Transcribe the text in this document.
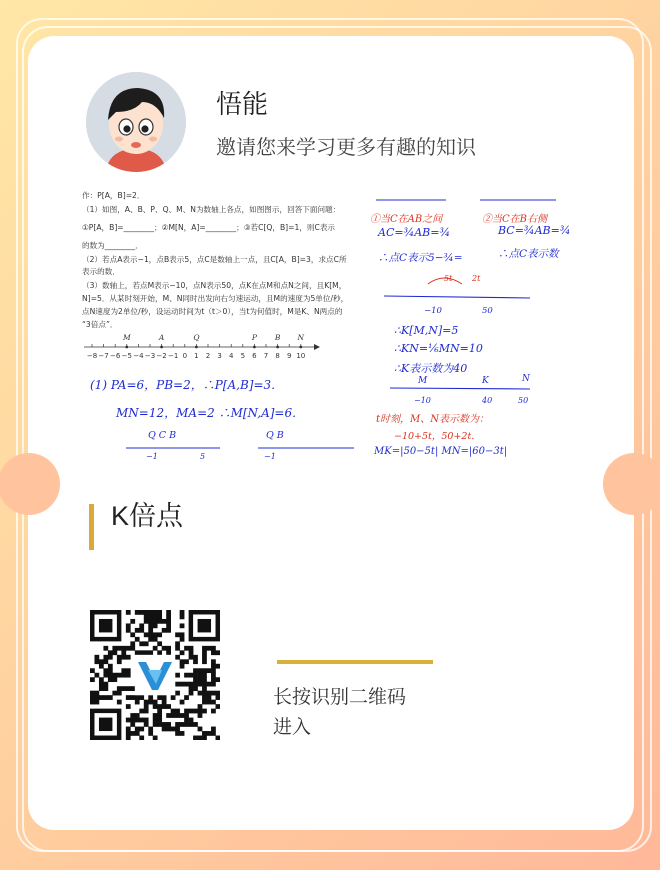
悟能
邀请您来学习更多有趣的知识
作：P[A，B]=2．
（1）如图，A、B、P、Q、M、N为数轴上各点，如图图示，回答下面问题：
①P[A，B]=________；②M[N，A]=________；③若C[Q，B]=1，则C表示
的数为________．
（2）若点A表示−1，点B表示5，点C是数轴上一点，且C[A，B]=3，求点C所
表示的数．
（3）数轴上，若点M表示−10，点N表示50，点K在点M和点N之间，且K[M，
N]=5．从某时刻开始，M、N同时出发向右匀速运动，且M的速度为5单位/秒，
点N速度为2单位/秒，设运动时间为t（t＞0），当t为何值时，M是K、N两点的
“3倍点”．
−8 −7 −6 −5 −4 −3 −2 −1 0 1 2 3 4 5 6 7 8 9 10
M	A	Q	P B N
①当C在AB之间	②当C在B右侧
AC=¾AB=¾	BC=¾AB=¾
∴点C表示5−¾=	∴点C表示数
5t 2t
−10	50
∴K[M,N]=5
∴KN=⅙MN=10
∴K表示数为40
M	K	N
−10	40	50
t时刻，M、N表示数为：
−10+5t，50+2t．
MK=|50−5t| MN=|60−3t|
(1) PA=6，PB=2，∴P[A,B]=3．
MN=12，MA=2 ∴M[N,A]=6．
Q C B	Q B
−1	5	−1
K倍点
长按识别二维码
进入
